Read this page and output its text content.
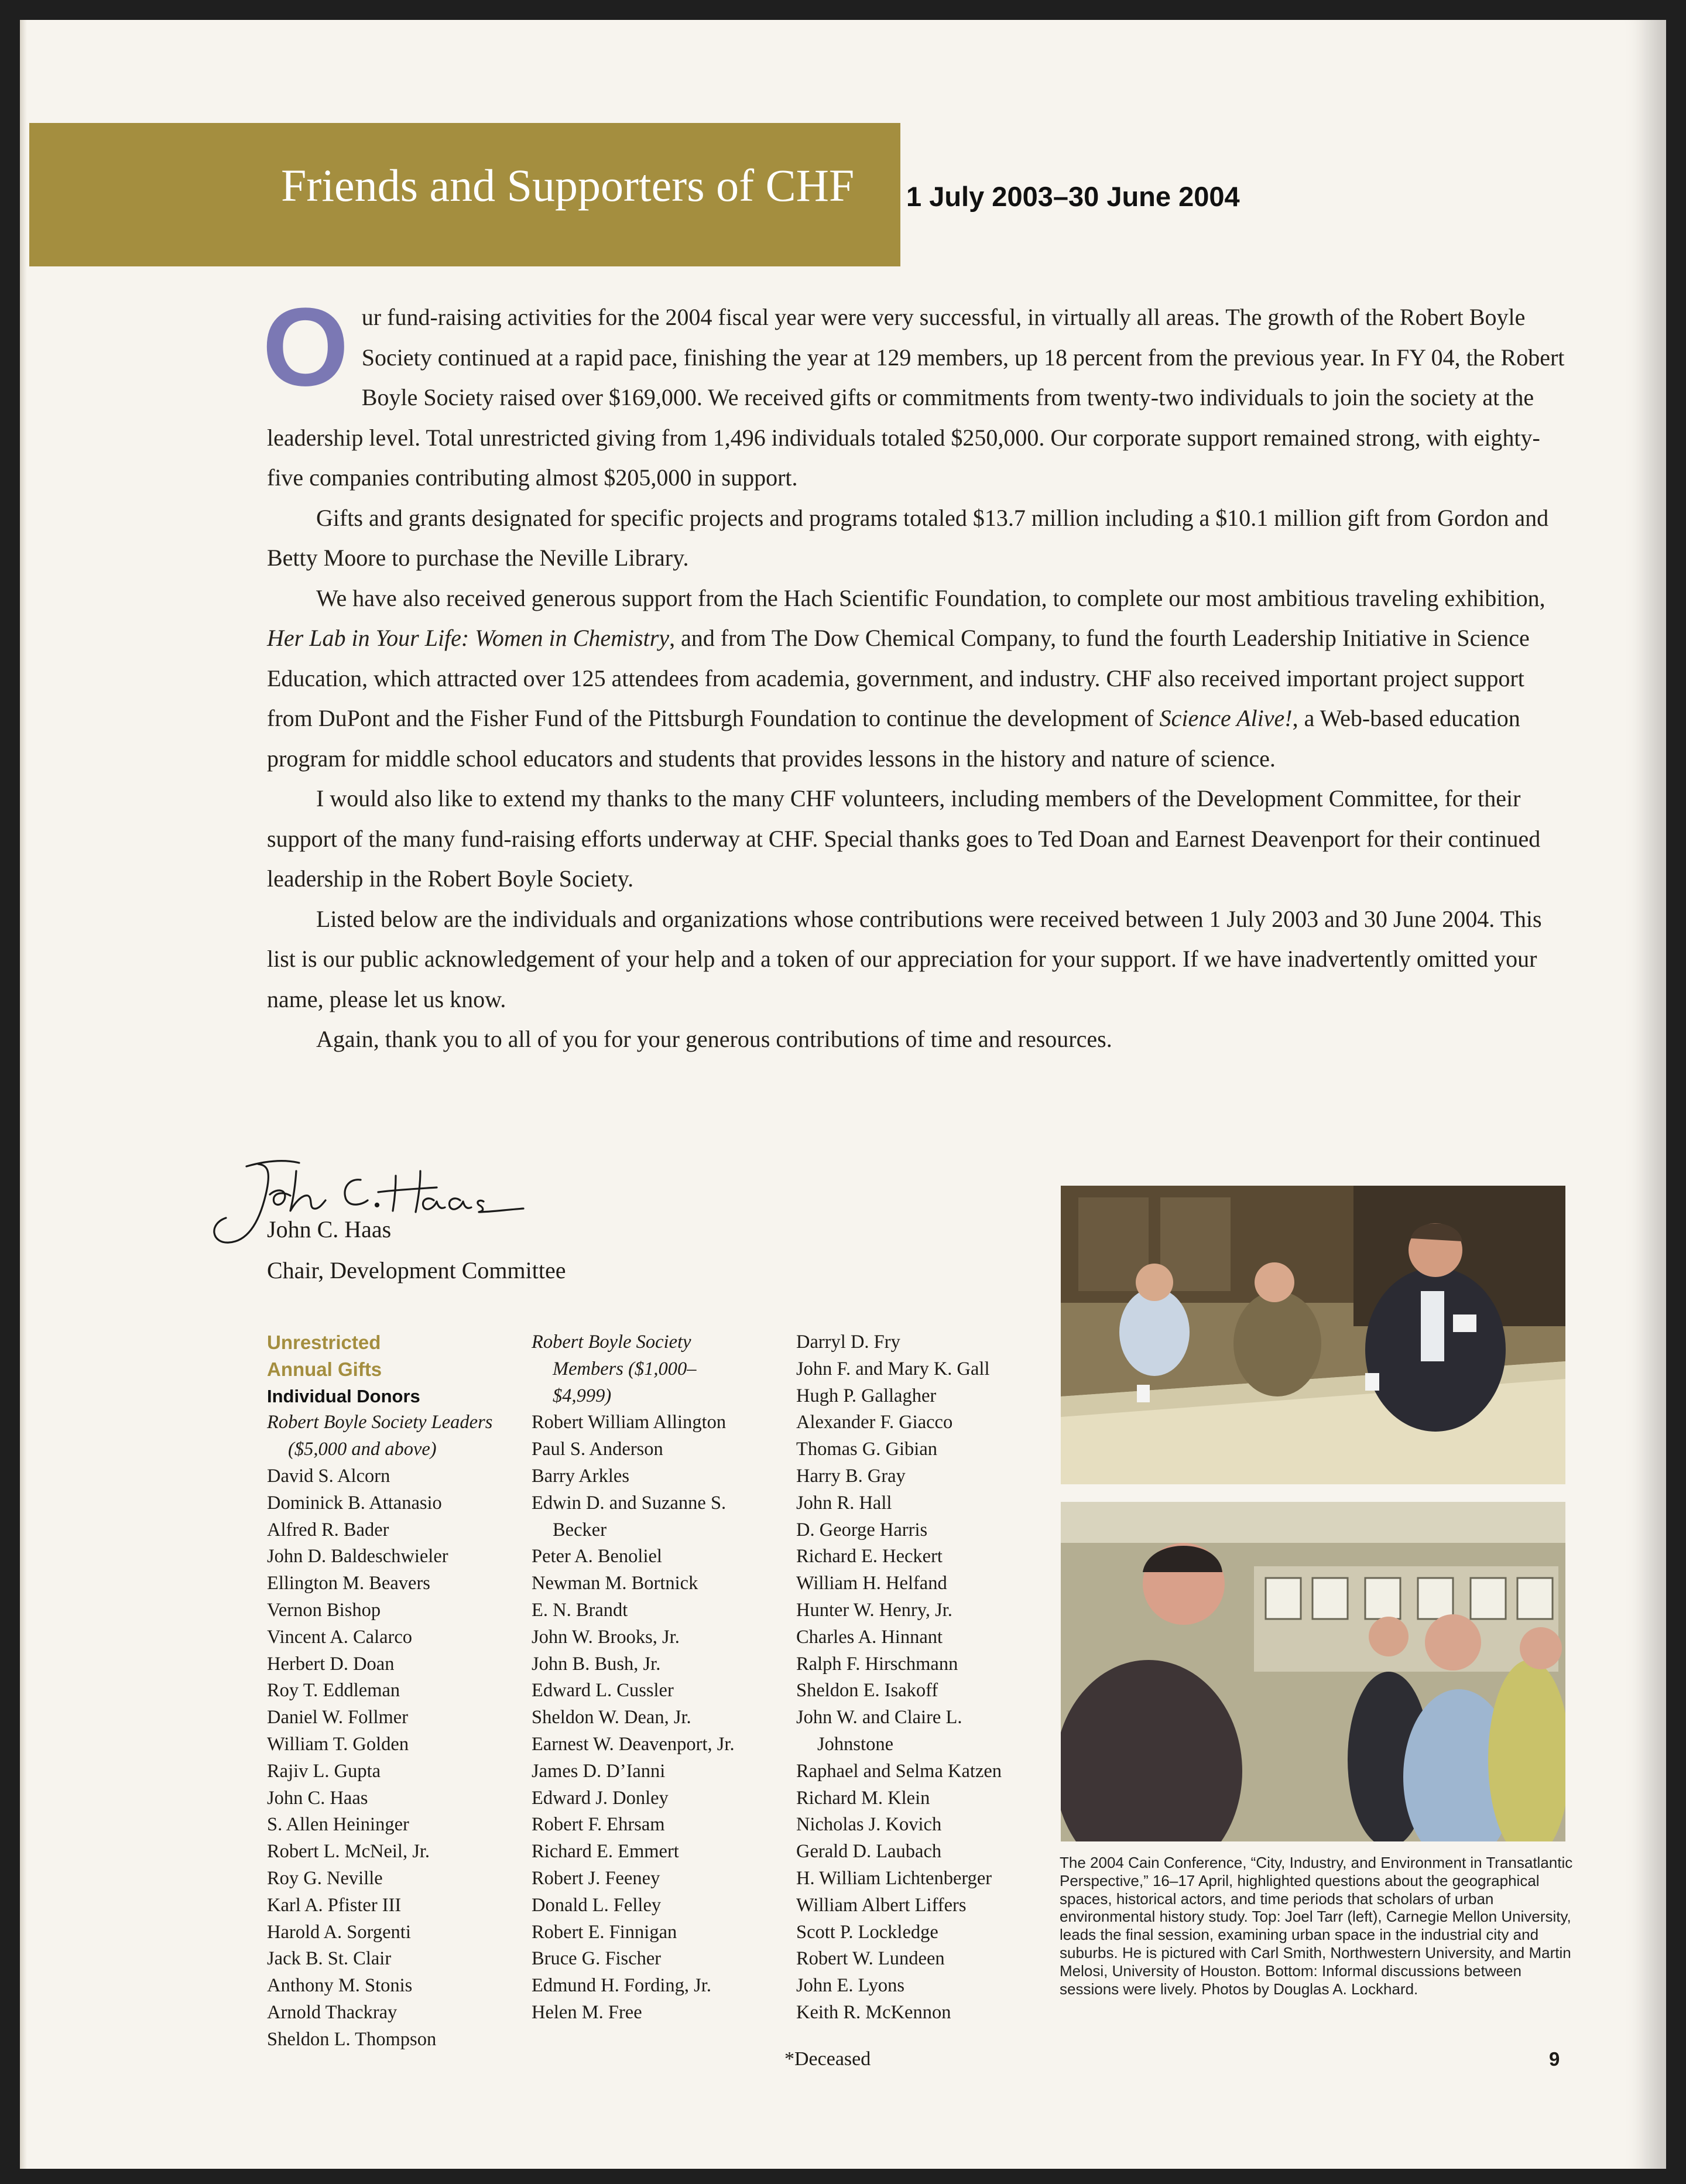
Friends and Supporters of CHF 1 July 2003–30 June 2004

Our fund-raising activities for the 2004 fiscal year were very successful, in virtually all areas. The growth of the Robert Boyle Society continued at a rapid pace, finishing the year at 129 members, up 18 percent from the previous year. In FY 04, the Robert Boyle Society raised over $169,000. We received gifts or commitments from twenty-two individuals to join the society at the leadership level. Total unrestricted giving from 1,496 individuals totaled $250,000. Our corporate support remained strong, with eighty-five companies contributing almost $205,000 in support.

Gifts and grants designated for specific projects and programs totaled $13.7 million including a $10.1 million gift from Gordon and Betty Moore to purchase the Neville Library.

We have also received generous support from the Hach Scientific Foundation, to complete our most ambitious traveling exhibition, Her Lab in Your Life: Women in Chemistry, and from The Dow Chemical Company, to fund the fourth Leadership Initiative in Science Education, which attracted over 125 attendees from academia, government, and industry. CHF also received important project support from DuPont and the Fisher Fund of the Pittsburgh Foundation to continue the development of Science Alive!, a Web-based education program for middle school educators and students that provides lessons in the history and nature of science.

I would also like to extend my thanks to the many CHF volunteers, including members of the Development Committee, for their support of the many fund-raising efforts underway at CHF. Special thanks goes to Ted Doan and Earnest Deavenport for their continued leadership in the Robert Boyle Society.

Listed below are the individuals and organizations whose contributions were received between 1 July 2003 and 30 June 2004. This list is our public acknowledgement of your help and a token of our appreciation for your support. If we have inadvertently omitted your name, please let us know.

Again, thank you to all of you for your generous contributions of time and resources.

John C. Haas
Chair, Development Committee
Unrestricted
Annual Gifts
Individual Donors
Robert Boyle Society Leaders
($5,000 and above)
David S. Alcorn
Dominick B. Attanasio
Alfred R. Bader
John D. Baldeschwieler
Ellington M. Beavers
Vernon Bishop
Vincent A. Calarco
Herbert D. Doan
Roy T. Eddleman
Daniel W. Follmer
William T. Golden
Rajiv L. Gupta
John C. Haas
S. Allen Heininger
Robert L. McNeil, Jr.
Roy G. Neville
Karl A. Pfister III
Harold A. Sorgenti
Jack B. St. Clair
Anthony M. Stonis
Arnold Thackray
Sheldon L. Thompson
Robert Boyle Society
Members ($1,000–
$4,999)
Robert William Allington
Paul S. Anderson
Barry Arkles
Edwin D. and Suzanne S.
Becker
Peter A. Benoliel
Newman M. Bortnick
E. N. Brandt
John W. Brooks, Jr.
John B. Bush, Jr.
Edward L. Cussler
Sheldon W. Dean, Jr.
Earnest W. Deavenport, Jr.
James D. D’Ianni
Edward J. Donley
Robert F. Ehrsam
Richard E. Emmert
Robert J. Feeney
Donald L. Felley
Robert E. Finnigan
Bruce G. Fischer
Edmund H. Fording, Jr.
Helen M. Free
Darryl D. Fry
John F. and Mary K. Gall
Hugh P. Gallagher
Alexander F. Giacco
Thomas G. Gibian
Harry B. Gray
John R. Hall
D. George Harris
Richard E. Heckert
William H. Helfand
Hunter W. Henry, Jr.
Charles A. Hinnant
Ralph F. Hirschmann
Sheldon E. Isakoff
John W. and Claire L.
Johnstone
Raphael and Selma Katzen
Richard M. Klein
Nicholas J. Kovich
Gerald D. Laubach
H. William Lichtenberger
William Albert Liffers
Scott P. Lockledge
Robert W. Lundeen
John E. Lyons
Keith R. McKennon
The 2004 Cain Conference, “City, Industry, and Environment in Transatlantic Perspective,” 16–17 April, highlighted questions about the geographical spaces, historical actors, and time periods that scholars of urban environmental history study. Top: Joel Tarr (left), Carnegie Mellon University, leads the final session, examining urban space in the industrial city and suburbs. He is pictured with Carl Smith, Northwestern University, and Martin Melosi, University of Houston. Bottom: Informal discussions between sessions were lively. Photos by Douglas A. Lockhard.
*Deceased	9
